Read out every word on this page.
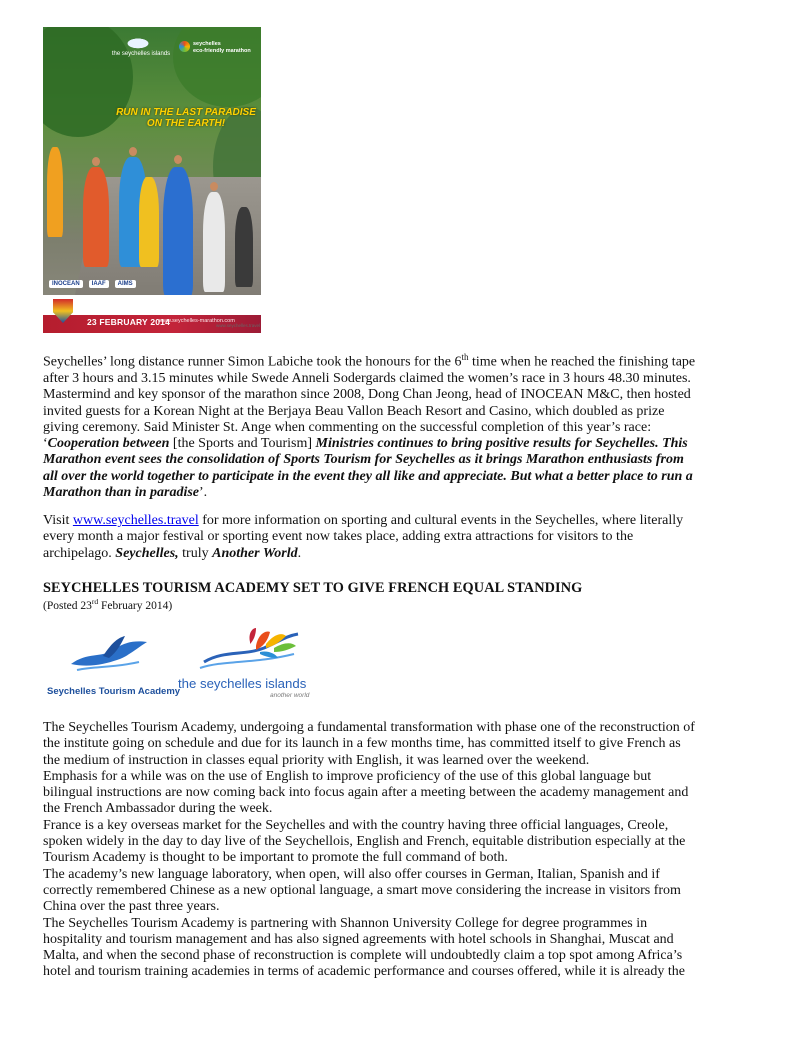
the seychelles islands
seychelles
eco-friendly marathon
RUN IN THE LAST PARADISE ON THE EARTH!
INOCEAN	IAAF	AIMS
23 FEBRUARY 2014
www.seychelles-marathon.com
www.seychelles.travel

Seychelles’ long distance runner Simon Labiche took the honours for the 6th time when he reached the finishing tape
after 3 hours and 3.15 minutes while Swede Anneli Sodergards claimed the women’s race in 3 hours 48.30 minutes.
Mastermind and key sponsor of the marathon since 2008, Dong Chan Jeong, head of INOCEAN M&C, then hosted
invited guests for a Korean Night at the Berjaya Beau Vallon Beach Resort and Casino, which doubled as prize
giving ceremony. Said Minister St. Ange when commenting on the successful completion of this year’s race:
‘Cooperation between [the Sports and Tourism] Ministries continues to bring positive results for Seychelles. This
Marathon event sees the consolidation of Sports Tourism for Seychelles as it brings Marathon enthusiasts from
all over the world together to participate in the event they all like and appreciate. But what a better place to run a
Marathon than in paradise’.

Visit www.seychelles.travel for more information on sporting and cultural events in the Seychelles, where literally
every month a major festival or sporting event now takes place, adding extra attractions for visitors to the
archipelago. Seychelles, truly Another World.

SEYCHELLES TOURISM ACADEMY SET TO GIVE FRENCH EQUAL STANDING

(Posted 23rd February 2014)

Seychelles Tourism Academy
the seychelles islands
another world

The Seychelles Tourism Academy, undergoing a fundamental transformation with phase one of the reconstruction of
the institute going on schedule and due for its launch in a few months time, has committed itself to give French as
the medium of instruction in classes equal priority with English, it was learned over the weekend.
Emphasis for a while was on the use of English to improve proficiency of the use of this global language but
bilingual instructions are now coming back into focus again after a meeting between the academy management and
the French Ambassador during the week.
France is a key overseas market for the Seychelles and with the country having three official languages, Creole,
spoken widely in the day to day live of the Seychellois, English and French, equitable distribution especially at the
Tourism Academy is thought to be important to promote the full command of both.
The academy’s new language laboratory, when open, will also offer courses in German, Italian, Spanish and if
correctly remembered Chinese as a new optional language, a smart move considering the increase in visitors from
China over the past three years.
The Seychelles Tourism Academy is partnering with Shannon University College for degree programmes in
hospitality and tourism management and has also signed agreements with hotel schools in Shanghai, Muscat and
Malta, and when the second phase of reconstruction is complete will undoubtedly claim a top spot among Africa’s
hotel and tourism training academies in terms of academic performance and courses offered, while it is already the
